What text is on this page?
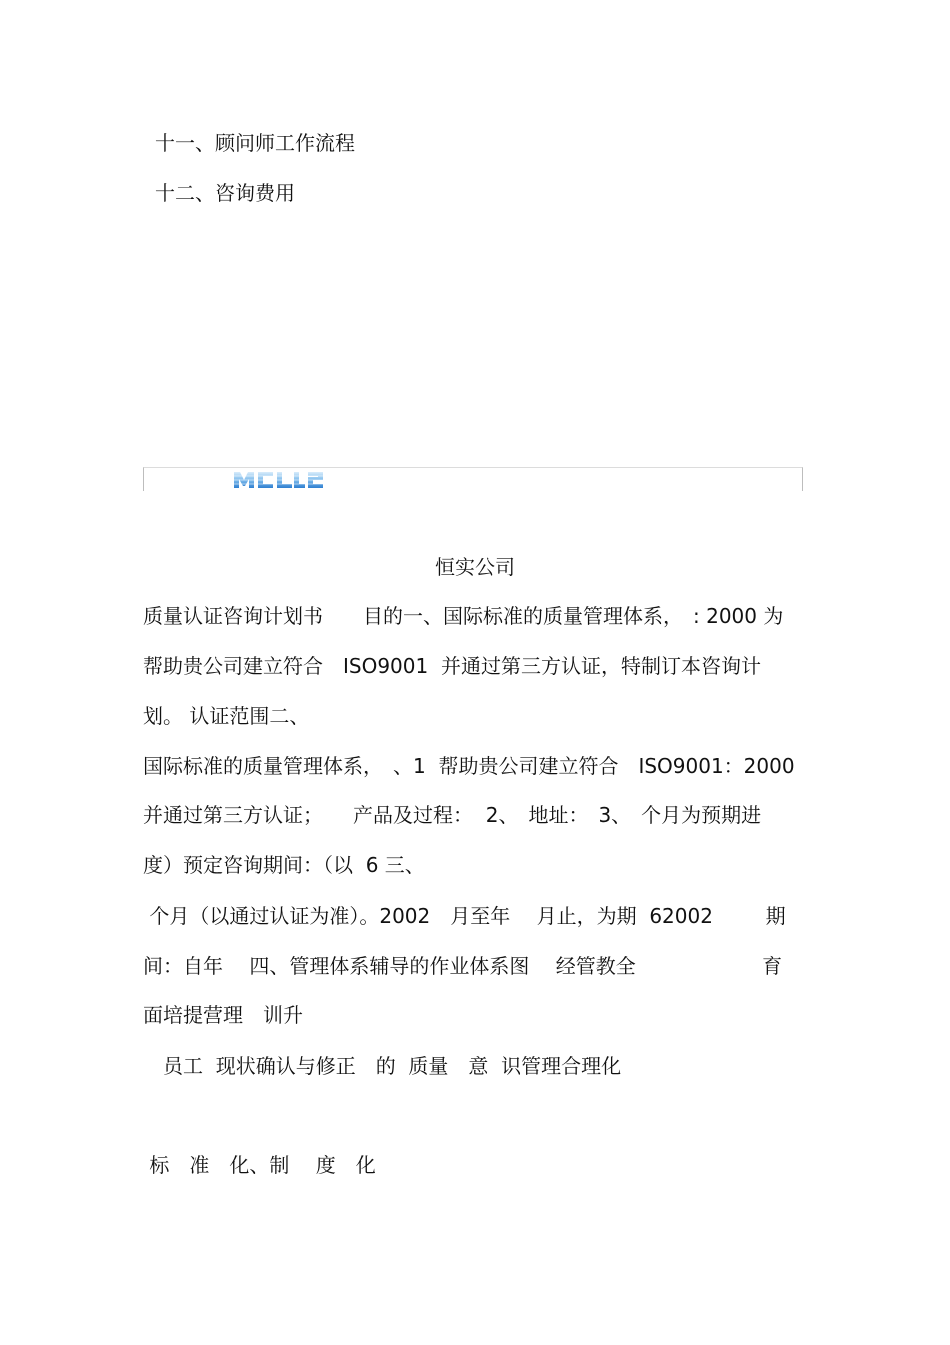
十一、顾问师工作流程
十二、咨询费用
恒实公司
质量认证咨询计划书　　目的一、国际标准的质量管理体系，　: 2000 为
帮助贵公司建立符合　ISO9001  并通过第三方认证，特制订本咨询计
划。 认证范围二、
国际标准的质量管理体系，　、1  帮助贵公司建立符合　ISO9001：2000
并通过第三方认证；　　产品及过程：  2、　地址：　3、　个月为预期进
度）预定咨询期间：（以  6 三、
个月（以通过认证为准）。2002　月至年　 月止，为期  62002　　  期
间：自年　 四、管理体系辅导的作业体系图　 经管教全　　　　　　 育
面培提营理　训升
　员工  现状确认与修正　的  质量　意  识管理合理化
标　准　化、制　 度　化
